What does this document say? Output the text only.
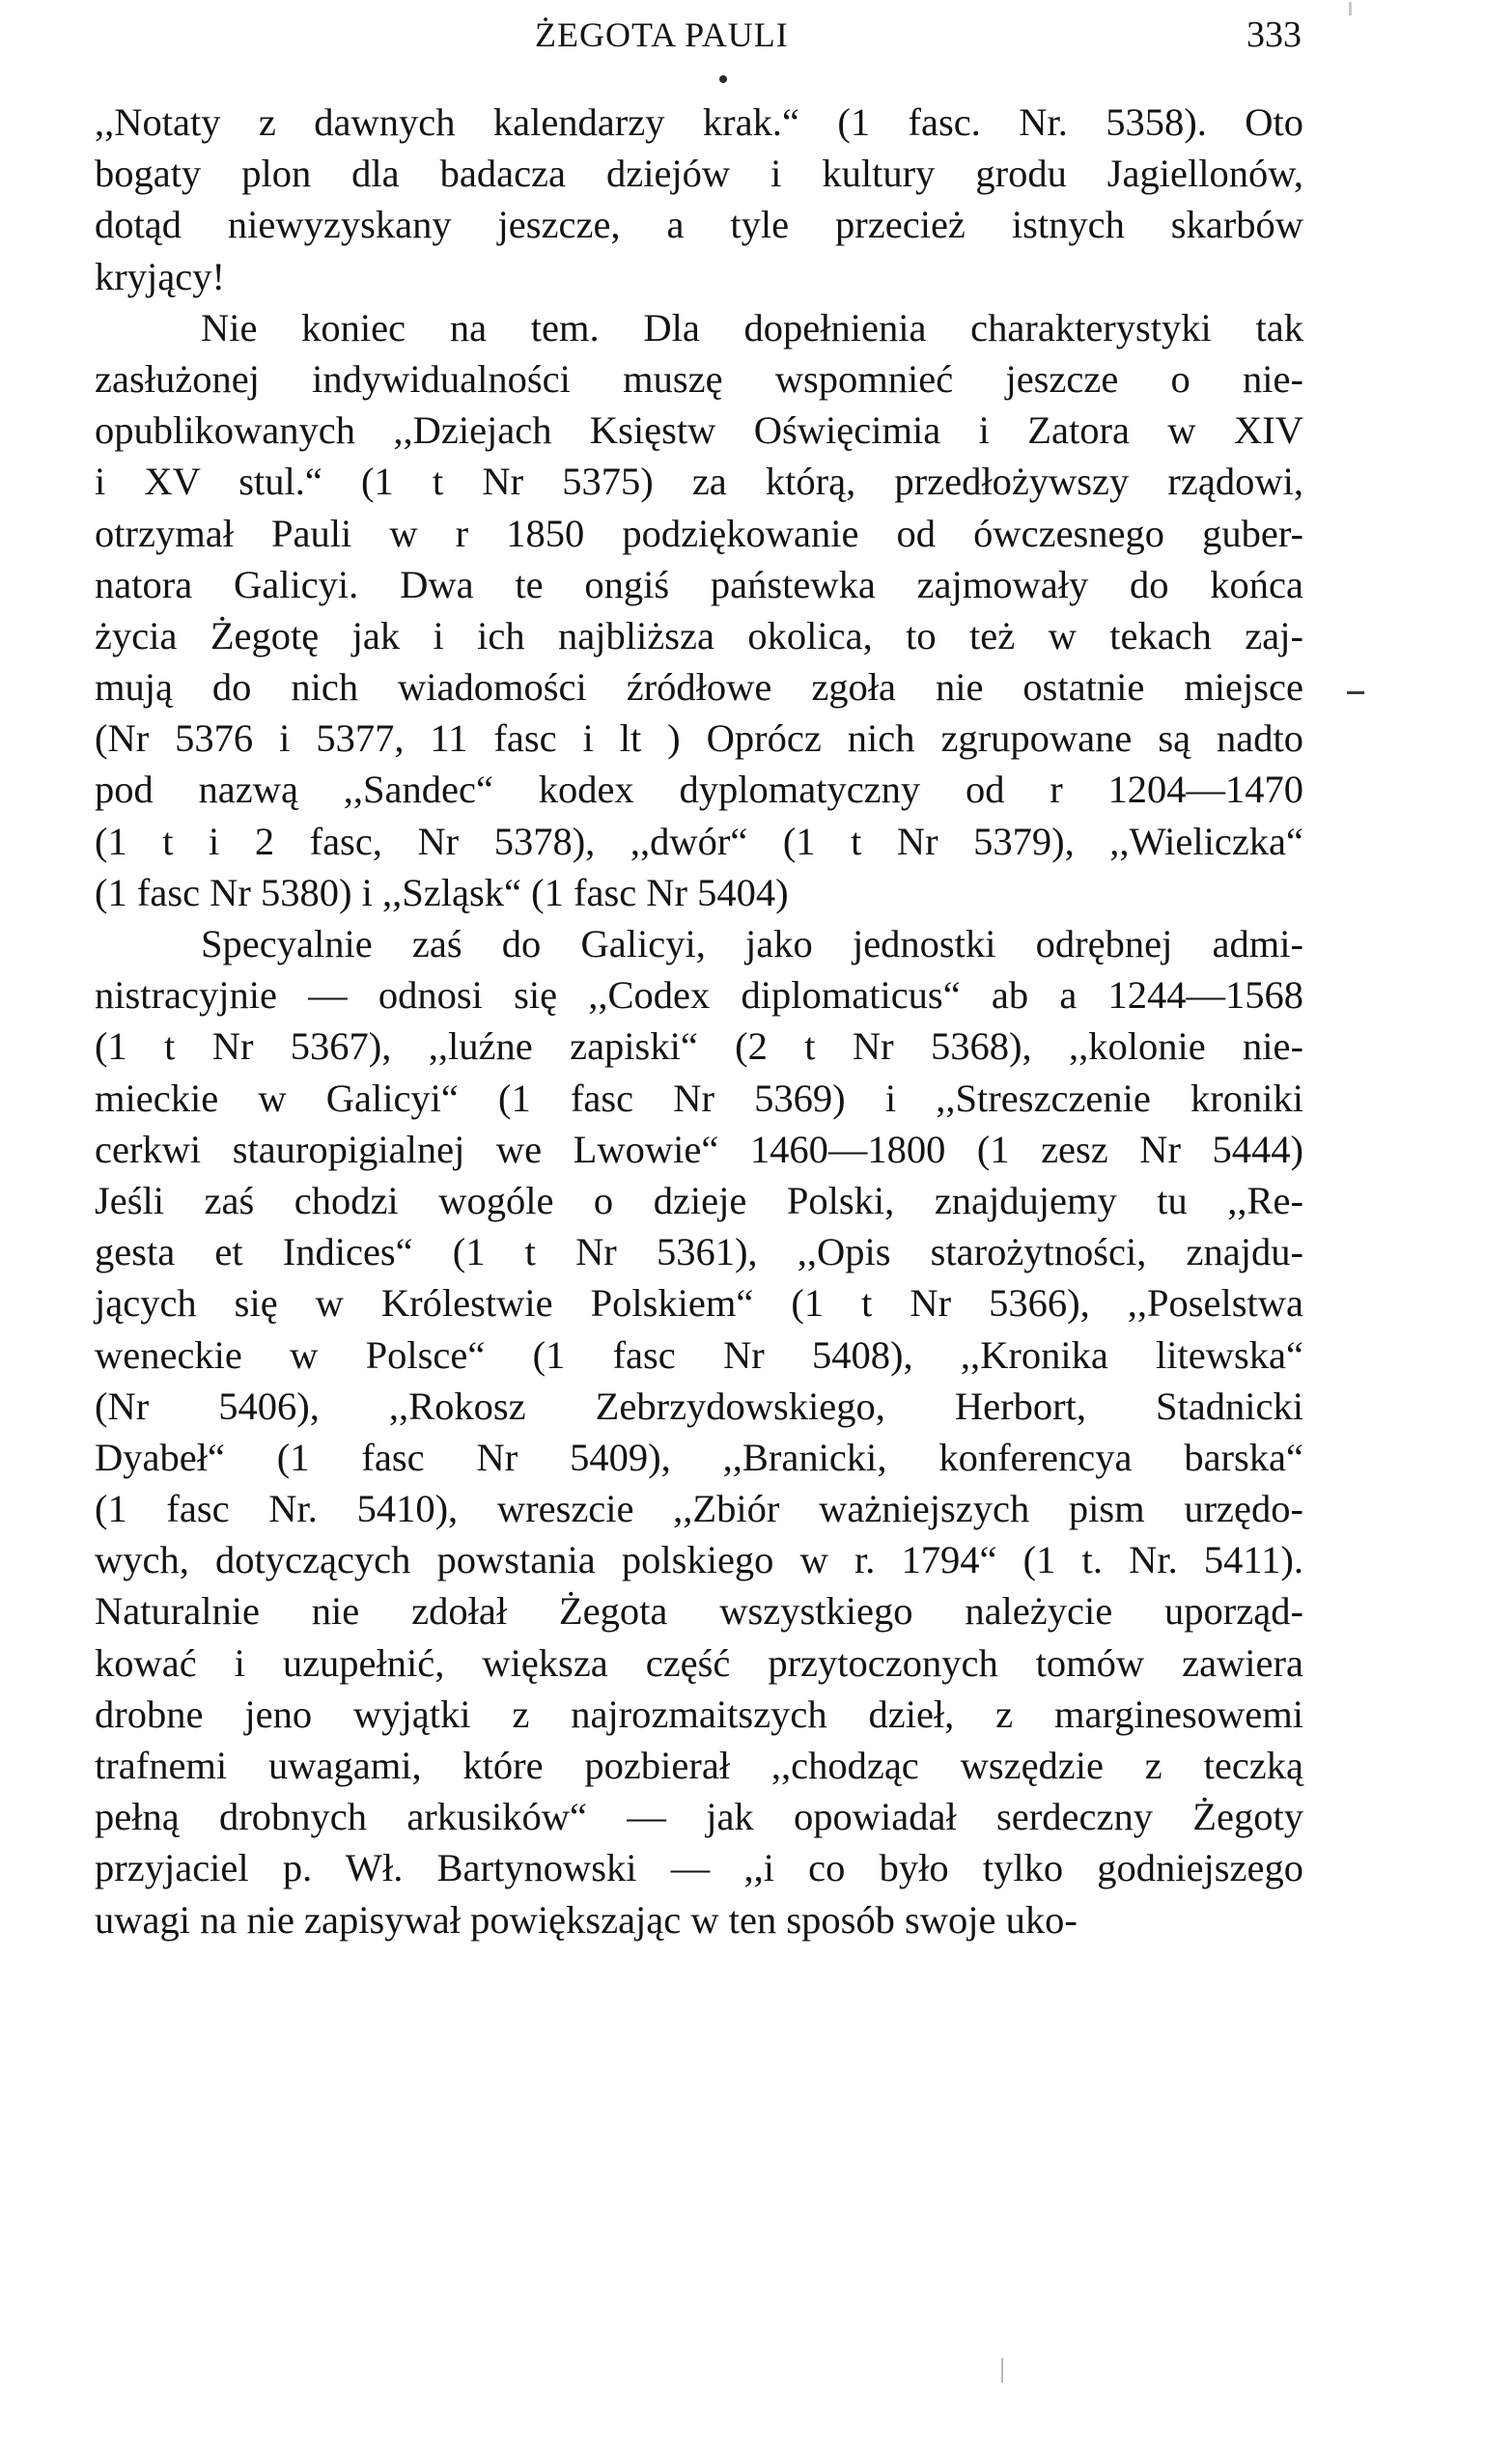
ŻEGOTA PAULI	333
,,Notaty z dawnych kalendarzy krak.“ (1 fasc. Nr. 5358). Oto
bogaty plon dla badacza dziejów i kultury grodu Jagiellonów,
dotąd niewyzyskany jeszcze, a tyle przecież istnych skarbów
kryjący!
Nie koniec na tem. Dla dopełnienia charakterystyki tak
zasłużonej indywidualności muszę wspomnieć jeszcze o nie-
opublikowanych ,,Dziejach Księstw Oświęcimia i Zatora w XIV
i XV stul.“ (1 t Nr 5375) za którą, przedłożywszy rządowi,
otrzymał Pauli w r 1850 podziękowanie od ówczesnego guber-
natora Galicyi. Dwa te ongiś państewka zajmowały do końca
życia Żegotę jak i ich najbliższa okolica, to też w tekach zaj-
mują do nich wiadomości źródłowe zgoła nie ostatnie miejsce
(Nr 5376 i 5377, 11 fasc i lt ) Oprócz nich zgrupowane są nadto
pod nazwą ,,Sandec“ kodex dyplomatyczny od r 1204—1470
(1 t i 2 fasc, Nr 5378), ,,dwór“ (1 t Nr 5379), ,,Wieliczka“
(1 fasc Nr 5380) i ,,Szląsk“ (1 fasc Nr 5404)
Specyalnie zaś do Galicyi, jako jednostki odrębnej admi-
nistracyjnie — odnosi się ,,Codex diplomaticus“ ab a 1244—1568
(1 t Nr 5367), ,,luźne zapiski“ (2 t Nr 5368), ,,kolonie nie-
mieckie w Galicyi“ (1 fasc Nr 5369) i ,,Streszczenie kroniki
cerkwi stauropigialnej we Lwowie“ 1460—1800 (1 zesz Nr 5444)
Jeśli zaś chodzi wogóle o dzieje Polski, znajdujemy tu ,,Re-
gesta et Indices“ (1 t Nr 5361), ,,Opis starożytności, znajdu-
jących się w Królestwie Polskiem“ (1 t Nr 5366), ,,Poselstwa
weneckie w Polsce“ (1 fasc Nr 5408), ,,Kronika litewska“
(Nr 5406), ,,Rokosz Zebrzydowskiego, Herbort, Stadnicki
Dyabeł“ (1 fasc Nr 5409), ,,Branicki, konferencya barska“
(1 fasc Nr. 5410), wreszcie ,,Zbiór ważniejszych pism urzędo-
wych, dotyczących powstania polskiego w r. 1794“ (1 t. Nr. 5411).
Naturalnie nie zdołał Żegota wszystkiego należycie uporząd-
kować i uzupełnić, większa część przytoczonych tomów zawiera
drobne jeno wyjątki z najrozmaitszych dzieł, z marginesowemi
trafnemi uwagami, które pozbierał ,,chodząc wszędzie z teczką
pełną drobnych arkusików“ — jak opowiadał serdeczny Żegoty
przyjaciel p. Wł. Bartynowski — ,,i co było tylko godniejszego
uwagi na nie zapisywał powiększając w ten sposób swoje uko-
